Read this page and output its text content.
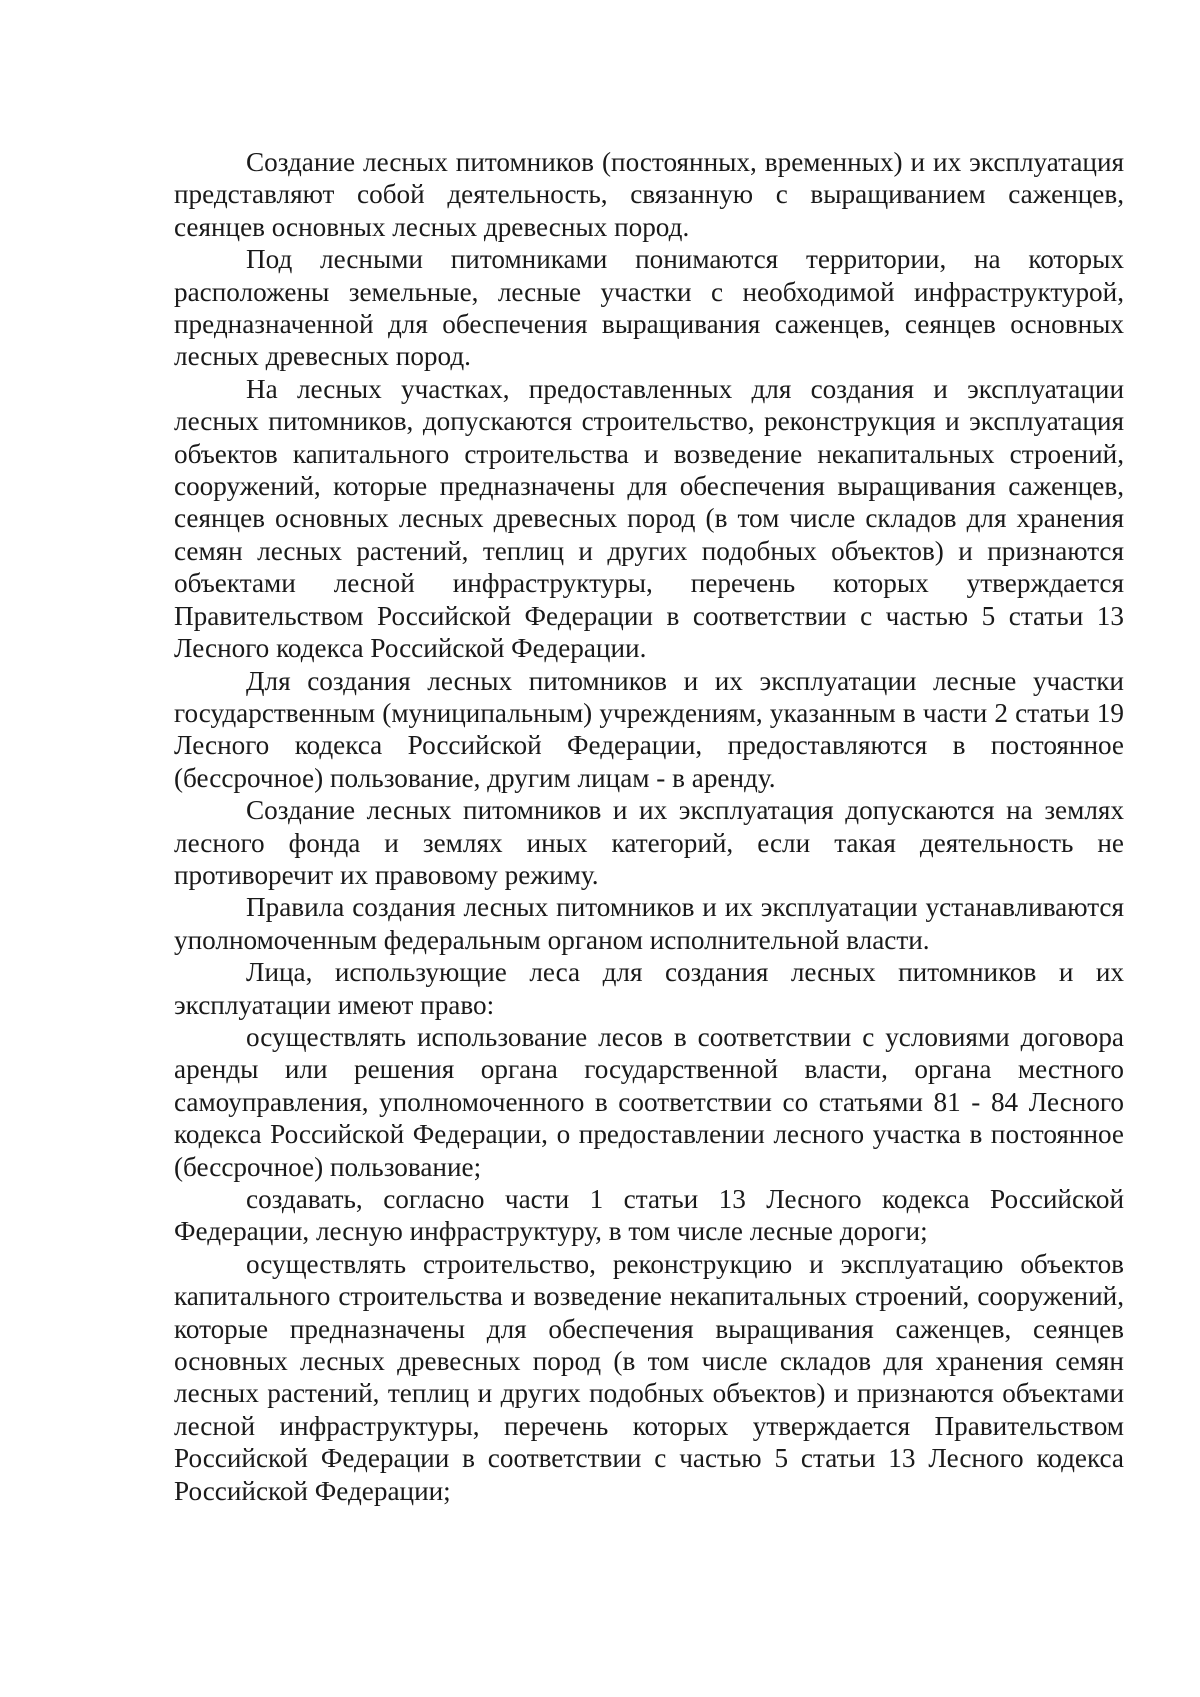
Создание лесных питомников (постоянных, временных) и их эксплуатация представляют собой деятельность, связанную с выращиванием саженцев, сеянцев основных лесных древесных пород.

Под лесными питомниками понимаются территории, на которых расположены земельные, лесные участки с необходимой инфраструктурой, предназначенной для обеспечения выращивания саженцев, сеянцев основных лесных древесных пород.

На лесных участках, предоставленных для создания и эксплуатации лесных питомников, допускаются строительство, реконструкция и эксплуатация объектов капитального строительства и возведение некапитальных строений, сооружений, которые предназначены для обеспечения выращивания саженцев, сеянцев основных лесных древесных пород (в том числе складов для хранения семян лесных растений, теплиц и других подобных объектов) и признаются объектами лесной инфраструктуры, перечень которых утверждается Правительством Российской Федерации в соответствии с частью 5 статьи 13 Лесного кодекса Российской Федерации.

Для создания лесных питомников и их эксплуатации лесные участки государственным (муниципальным) учреждениям, указанным в части 2 статьи 19 Лесного кодекса Российской Федерации, предоставляются в постоянное (бессрочное) пользование, другим лицам - в аренду.

Создание лесных питомников и их эксплуатация допускаются на землях лесного фонда и землях иных категорий, если такая деятельность не противоречит их правовому режиму.

Правила создания лесных питомников и их эксплуатации устанавливаются уполномоченным федеральным органом исполнительной власти.

Лица, использующие леса для создания лесных питомников и их эксплуатации имеют право:

осуществлять использование лесов в соответствии с условиями договора аренды или решения органа государственной власти, органа местного самоуправления, уполномоченного в соответствии со статьями 81 - 84 Лесного кодекса Российской Федерации, о предоставлении лесного участка в постоянное (бессрочное) пользование;

создавать, согласно части 1 статьи 13 Лесного кодекса Российской Федерации, лесную инфраструктуру, в том числе лесные дороги;

осуществлять строительство, реконструкцию и эксплуатацию объектов капитального строительства и возведение некапитальных строений, сооружений, которые предназначены для обеспечения выращивания саженцев, сеянцев основных лесных древесных пород (в том числе складов для хранения семян лесных растений, теплиц и других подобных объектов) и признаются объектами лесной инфраструктуры, перечень которых утверждается Правительством Российской Федерации в соответствии с частью 5 статьи 13 Лесного кодекса Российской Федерации;
